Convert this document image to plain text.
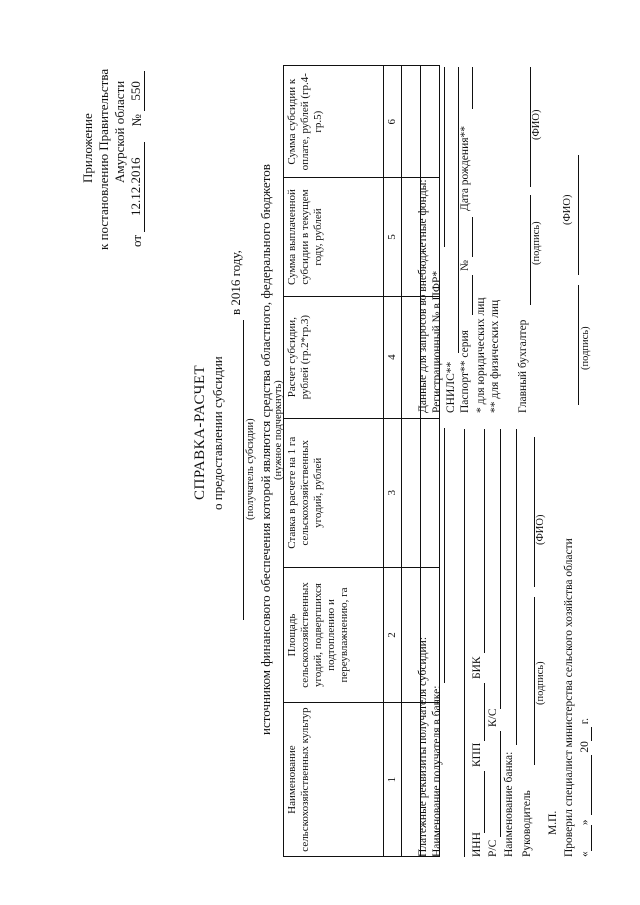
Приложение к постановлению Правительства Амурской области
от 12.12.2016 № 550
СПРАВКА-РАСЧЕТ о предоставлении субсидии
в 2016 году,
(получатель субсидии) источником финансового обеспечения которой являются средства областного, федерального бюджетов (нужное подчеркнуть)
Наименование сельскохозяйственных культур	Площадь сельскохозяйственных угодий, подвергшихся подтоплению и переувлажнению, га	Ставка в расчете на 1 га сельскохозяйственных угодий, рублей	Расчет субсидии, рублей (гр.2*гр.3)	Сумма выплаченной субсидии в текущем году, рублей	Сумма субсидии к оплате, рублей (гр.4-гр.5)
1	2	3	4	5	6

Платежные реквизиты получателя субсидии: Наименование получателя в банке: ИНН
КПП
БИК
Р/С
К/С
Наименование банка: Руководитель
(подпись)
(ФИО)
М.П. Проверил специалист министерства сельского хозяйства области «» 20 г.
Данные для запросов во внебюджетные фонды: Регистрационный № в ПФР* СНИЛС** Паспорт** серия
№
Дата рождения**
* для юридических лиц ** для физических лиц Главный бухгалтер
(подпись)
(ФИО)
(подпись)
(ФИО)
